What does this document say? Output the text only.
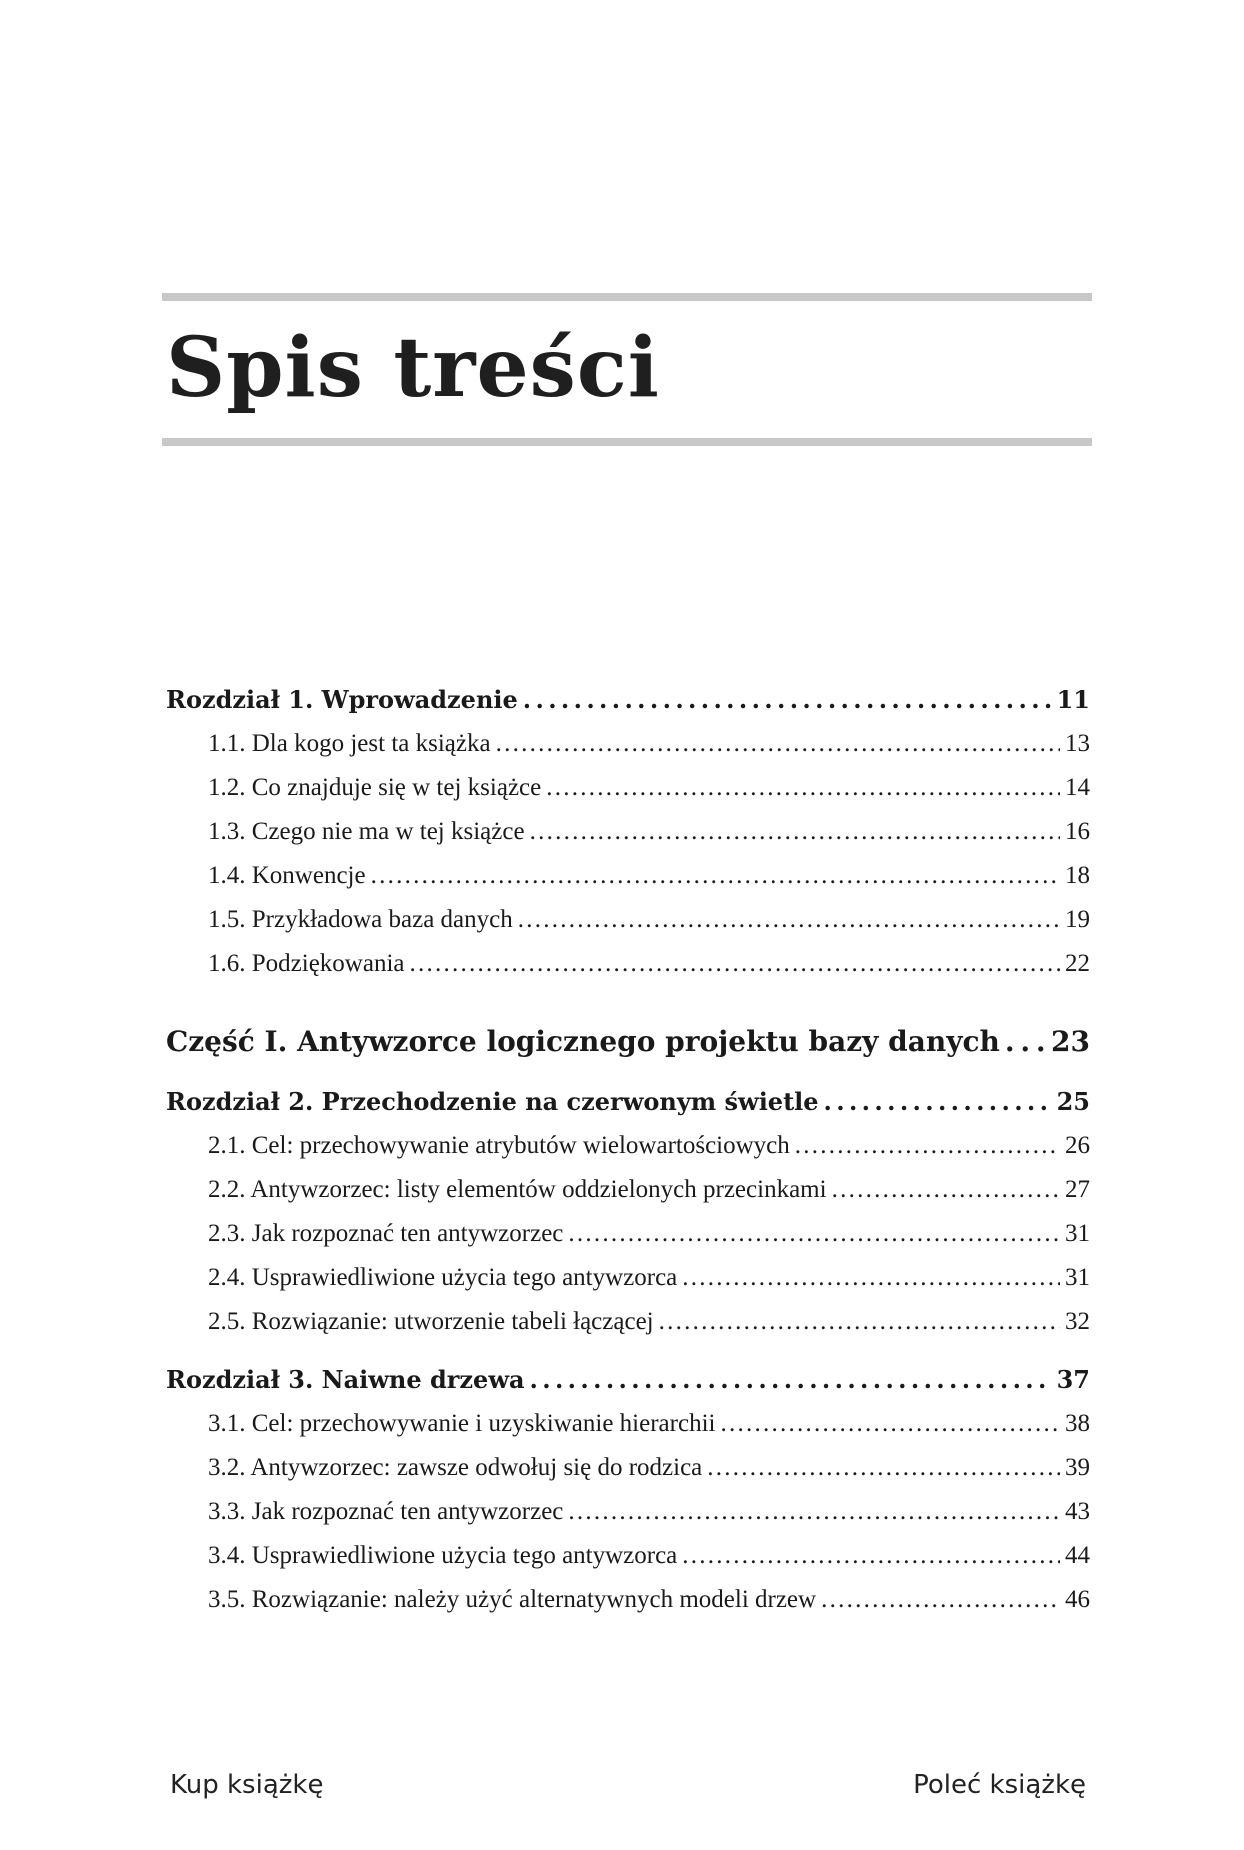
Spis treści
Rozdział 1. Wprowadzenie . . .	11
1.1. Dla kogo jest ta książka . . .	13
1.2. Co znajduje się w tej książce . . .	14
1.3. Czego nie ma w tej książce . . .	16
1.4. Konwencje . . .	18
1.5. Przykładowa baza danych . . .	19
1.6. Podziękowania . . .	22
Część I. Antywzorce logicznego projektu bazy danych . . . 23
Rozdział 2. Przechodzenie na czerwonym świetle . . .	25
2.1. Cel: przechowywanie atrybutów wielowartościowych . . .	26
2.2. Antywzorzec: listy elementów oddzielonych przecinkami . . .	27
2.3. Jak rozpoznać ten antywzorzec . . .	31
2.4. Usprawiedliwione użycia tego antywzorca . . .	31
2.5. Rozwiązanie: utworzenie tabeli łączącej . . .	32
Rozdział 3. Naiwne drzewa . . .	37
3.1. Cel: przechowywanie i uzyskiwanie hierarchii . . .	38
3.2. Antywzorzec: zawsze odwołuj się do rodzica . . .	39
3.3. Jak rozpoznać ten antywzorzec . . .	43
3.4. Usprawiedliwione użycia tego antywzorca . . .	44
3.5. Rozwiązanie: należy użyć alternatywnych modeli drzew . . .	46
Kup książkę	Poleć książkę
